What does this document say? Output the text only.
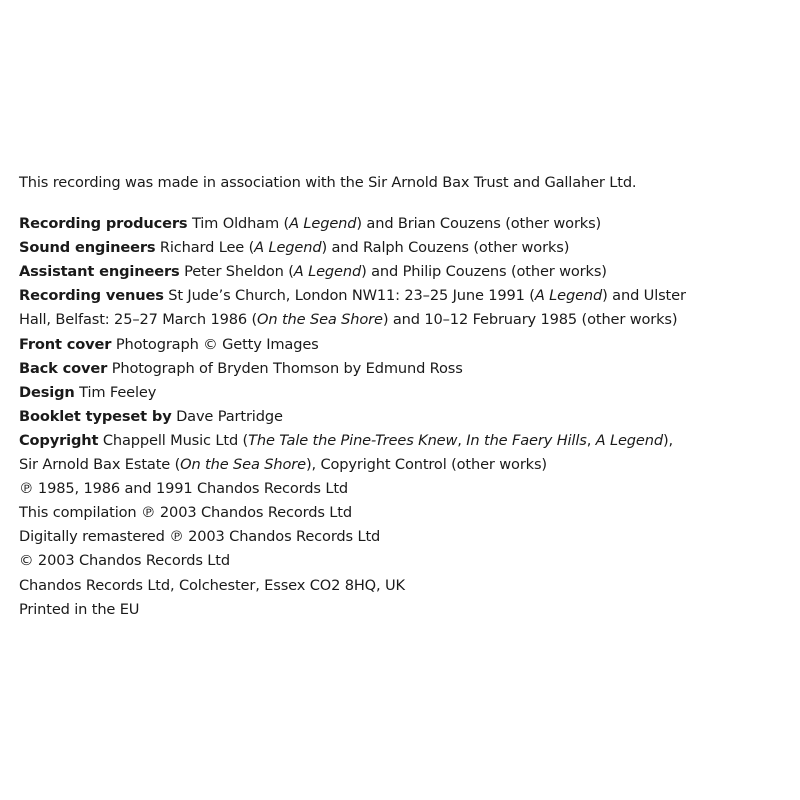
This recording was made in association with the Sir Arnold Bax Trust and Gallaher Ltd.
Recording producers Tim Oldham (A Legend) and Brian Couzens (other works)
Sound engineers Richard Lee (A Legend) and Ralph Couzens (other works)
Assistant engineers Peter Sheldon (A Legend) and Philip Couzens (other works)
Recording venues St Jude’s Church, London NW11: 23–25 June 1991 (A Legend) and Ulster
Hall, Belfast: 25–27 March 1986 (On the Sea Shore) and 10–12 February 1985 (other works)
Front cover Photograph © Getty Images
Back cover Photograph of Bryden Thomson by Edmund Ross
Design Tim Feeley
Booklet typeset by Dave Partridge
Copyright Chappell Music Ltd (The Tale the Pine-Trees Knew, In the Faery Hills, A Legend),
Sir Arnold Bax Estate (On the Sea Shore), Copyright Control (other works)
℗ 1985, 1986 and 1991 Chandos Records Ltd
This compilation ℗ 2003 Chandos Records Ltd
Digitally remastered ℗ 2003 Chandos Records Ltd
© 2003 Chandos Records Ltd
Chandos Records Ltd, Colchester, Essex CO2 8HQ, UK
Printed in the EU
